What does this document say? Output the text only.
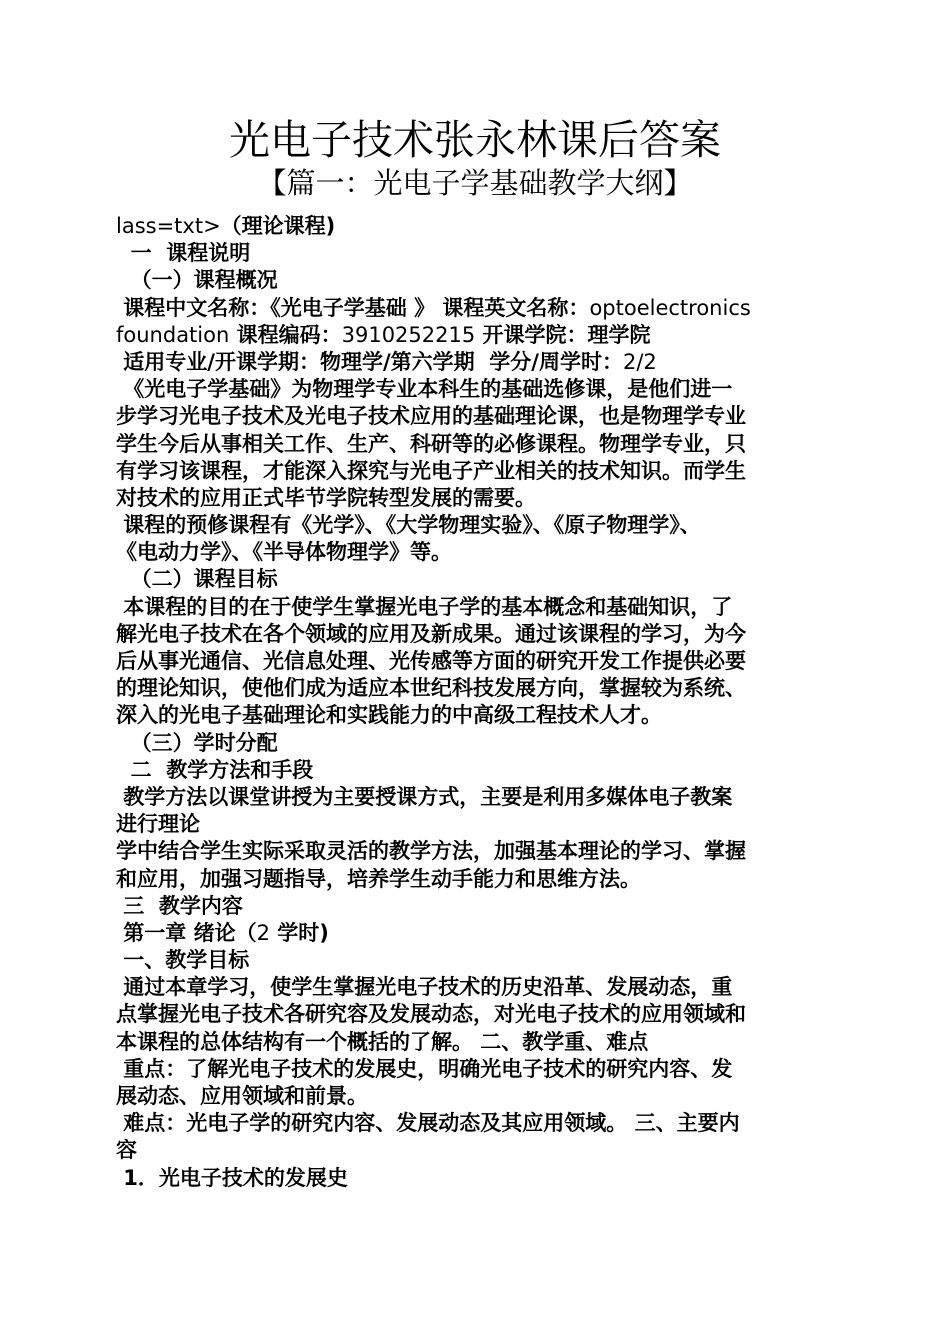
光电子技术张永林课后答案
【篇一：光电子学基础教学大纲】
lass=txt>（理论课程)
一  课程说明
（一）课程概况
课程中文名称：《光电子学基础 》 课程英文名称：optoelectronics
foundation 课程编码：3910252215 开课学院：理学院
适用专业/开课学期：物理学/第六学期  学分/周学时：2/2
《光电子学基础》为物理学专业本科生的基础选修课，是他们进一
步学习光电子技术及光电子技术应用的基础理论课，也是物理学专业
学生今后从事相关工作、生产、科研等的必修课程。物理学专业，只
有学习该课程，才能深入探究与光电子产业相关的技术知识。而学生
对技术的应用正式毕节学院转型发展的需要。
课程的预修课程有《光学》、《大学物理实验》、《原子物理学》、
《电动力学》、《半导体物理学》等。
（二）课程目标
本课程的目的在于使学生掌握光电子学的基本概念和基础知识，了
解光电子技术在各个领域的应用及新成果。通过该课程的学习，为今
后从事光通信、光信息处理、光传感等方面的研究开发工作提供必要
的理论知识，使他们成为适应本世纪科技发展方向，掌握较为系统、
深入的光电子基础理论和实践能力的中高级工程技术人才。
（三）学时分配
二  教学方法和手段
教学方法以课堂讲授为主要授课方式，主要是利用多媒体电子教案
进行理论
学中结合学生实际采取灵活的教学方法，加强基本理论的学习、掌握
和应用，加强习题指导，培养学生动手能力和思维方法。
三  教学内容
第一章 绪论（2 学时)
一、教学目标
通过本章学习，使学生掌握光电子技术的历史沿革、发展动态，重
点掌握光电子技术各研究容及发展动态，对光电子技术的应用领域和
本课程的总体结构有一个概括的了解。 二、教学重、难点
重点：了解光电子技术的发展史，明确光电子技术的研究内容、发
展动态、应用领域和前景。
难点：光电子学的研究内容、发展动态及其应用领域。 三、主要内
容
1．光电子技术的发展史
